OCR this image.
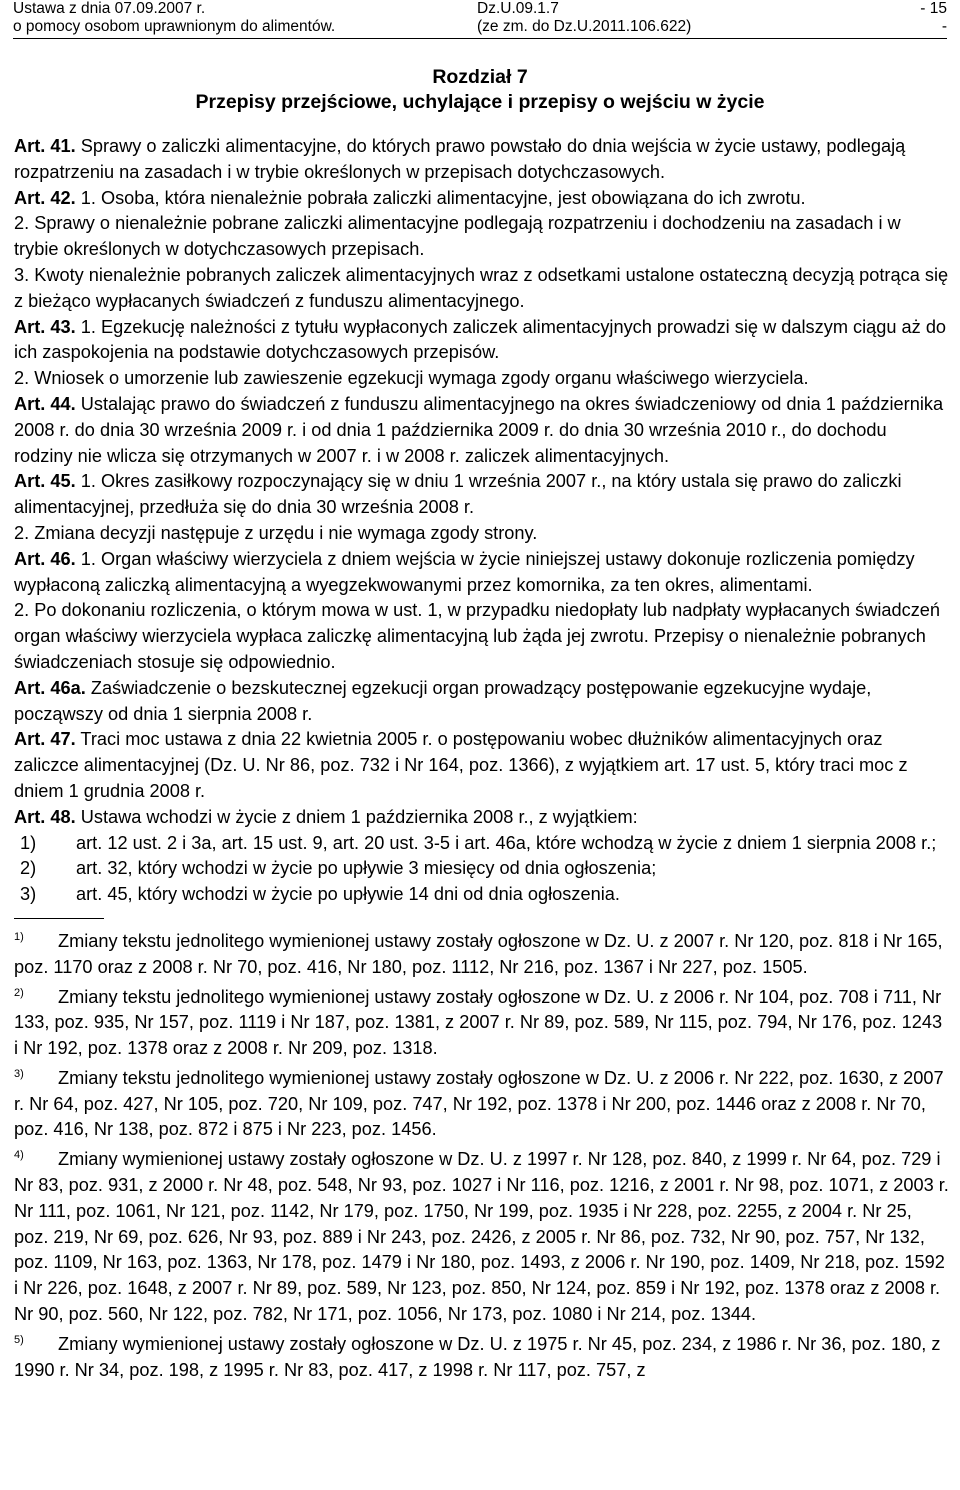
Ustawa z dnia 07.09.2007 r.
o pomocy osobom uprawnionym do alimentów.
Dz.U.09.1.7
(ze zm. do Dz.U.2011.106.622)
- 15
-
Rozdział 7
Przepisy przejściowe, uchylające i przepisy o wejściu w życie

Art. 41. Sprawy o zaliczki alimentacyjne, do których prawo powstało do dnia wejścia w życie ustawy, podlegają rozpatrzeniu na zasadach i w trybie określonych w przepisach dotychczasowych.

Art. 42. 1. Osoba, która nienależnie pobrała zaliczki alimentacyjne, jest obowiązana do ich zwrotu.

2. Sprawy o nienależnie pobrane zaliczki alimentacyjne podlegają rozpatrzeniu i dochodzeniu na zasadach i w trybie określonych w dotychczasowych przepisach.

3. Kwoty nienależnie pobranych zaliczek alimentacyjnych wraz z odsetkami ustalone ostateczną decyzją potrąca się z bieżąco wypłacanych świadczeń z funduszu alimentacyjnego.

Art. 43. 1. Egzekucję należności z tytułu wypłaconych zaliczek alimentacyjnych prowadzi się w dalszym ciągu aż do ich zaspokojenia na podstawie dotychczasowych przepisów.

2. Wniosek o umorzenie lub zawieszenie egzekucji wymaga zgody organu właściwego wierzyciela.

Art. 44. Ustalając prawo do świadczeń z funduszu alimentacyjnego na okres świadczeniowy od dnia 1 października 2008 r. do dnia 30 września 2009 r. i od dnia 1 października 2009 r. do dnia 30 września 2010 r., do dochodu rodziny nie wlicza się otrzymanych w 2007 r. i w 2008 r. zaliczek alimentacyjnych.

Art. 45. 1. Okres zasiłkowy rozpoczynający się w dniu 1 września 2007 r., na który ustala się prawo do zaliczki alimentacyjnej, przedłuża się do dnia 30 września 2008 r.

2. Zmiana decyzji następuje z urzędu i nie wymaga zgody strony.

Art. 46. 1. Organ właściwy wierzyciela z dniem wejścia w życie niniejszej ustawy dokonuje rozliczenia pomiędzy wypłaconą zaliczką alimentacyjną a wyegzekwowanymi przez komornika, za ten okres, alimentami.

2. Po dokonaniu rozliczenia, o którym mowa w ust. 1, w przypadku niedopłaty lub nadpłaty wypłacanych świadczeń organ właściwy wierzyciela wypłaca zaliczkę alimentacyjną lub żąda jej zwrotu. Przepisy o nienależnie pobranych świadczeniach stosuje się odpowiednio.

Art. 46a. Zaświadczenie o bezskutecznej egzekucji organ prowadzący postępowanie egzekucyjne wydaje, począwszy od dnia 1 sierpnia 2008 r.

Art. 47. Traci moc ustawa z dnia 22 kwietnia 2005 r. o postępowaniu wobec dłużników alimentacyjnych oraz zaliczce alimentacyjnej (Dz. U. Nr 86, poz. 732 i Nr 164, poz. 1366), z wyjątkiem art. 17 ust. 5, który traci moc z dniem 1 grudnia 2008 r.

Art. 48. Ustawa wchodzi w życie z dniem 1 października 2008 r., z wyjątkiem:

1) art. 12 ust. 2 i 3a, art. 15 ust. 9, art. 20 ust. 3-5 i art. 46a, które wchodzą w życie z dniem 1 sierpnia 2008 r.;

2) art. 32, który wchodzi w życie po upływie 3 miesięcy od dnia ogłoszenia;

3) art. 45, który wchodzi w życie po upływie 14 dni od dnia ogłoszenia.

1) Zmiany tekstu jednolitego wymienionej ustawy zostały ogłoszone w Dz. U. z 2007 r. Nr 120, poz. 818 i Nr 165, poz. 1170 oraz z 2008 r. Nr 70, poz. 416, Nr 180, poz. 1112, Nr 216, poz. 1367 i Nr 227, poz. 1505.

2) Zmiany tekstu jednolitego wymienionej ustawy zostały ogłoszone w Dz. U. z 2006 r. Nr 104, poz. 708 i 711, Nr 133, poz. 935, Nr 157, poz. 1119 i Nr 187, poz. 1381, z 2007 r. Nr 89, poz. 589, Nr 115, poz. 794, Nr 176, poz. 1243 i Nr 192, poz. 1378 oraz z 2008 r. Nr 209, poz. 1318.

3) Zmiany tekstu jednolitego wymienionej ustawy zostały ogłoszone w Dz. U. z 2006 r. Nr 222, poz. 1630, z 2007 r. Nr 64, poz. 427, Nr 105, poz. 720, Nr 109, poz. 747, Nr 192, poz. 1378 i Nr 200, poz. 1446 oraz z 2008 r. Nr 70, poz. 416, Nr 138, poz. 872 i 875 i Nr 223, poz. 1456.

4) Zmiany wymienionej ustawy zostały ogłoszone w Dz. U. z 1997 r. Nr 128, poz. 840, z 1999 r. Nr 64, poz. 729 i Nr 83, poz. 931, z 2000 r. Nr 48, poz. 548, Nr 93, poz. 1027 i Nr 116, poz. 1216, z 2001 r. Nr 98, poz. 1071, z 2003 r. Nr 111, poz. 1061, Nr 121, poz. 1142, Nr 179, poz. 1750, Nr 199, poz. 1935 i Nr 228, poz. 2255, z 2004 r. Nr 25, poz. 219, Nr 69, poz. 626, Nr 93, poz. 889 i Nr 243, poz. 2426, z 2005 r. Nr 86, poz. 732, Nr 90, poz. 757, Nr 132, poz. 1109, Nr 163, poz. 1363, Nr 178, poz. 1479 i Nr 180, poz. 1493, z 2006 r. Nr 190, poz. 1409, Nr 218, poz. 1592 i Nr 226, poz. 1648, z 2007 r. Nr 89, poz. 589, Nr 123, poz. 850, Nr 124, poz. 859 i Nr 192, poz. 1378 oraz z 2008 r. Nr 90, poz. 560, Nr 122, poz. 782, Nr 171, poz. 1056, Nr 173, poz. 1080 i Nr 214, poz. 1344.

5) Zmiany wymienionej ustawy zostały ogłoszone w Dz. U. z 1975 r. Nr 45, poz. 234, z 1986 r. Nr 36, poz. 180, z 1990 r. Nr 34, poz. 198, z 1995 r. Nr 83, poz. 417, z 1998 r. Nr 117, poz. 757, z
